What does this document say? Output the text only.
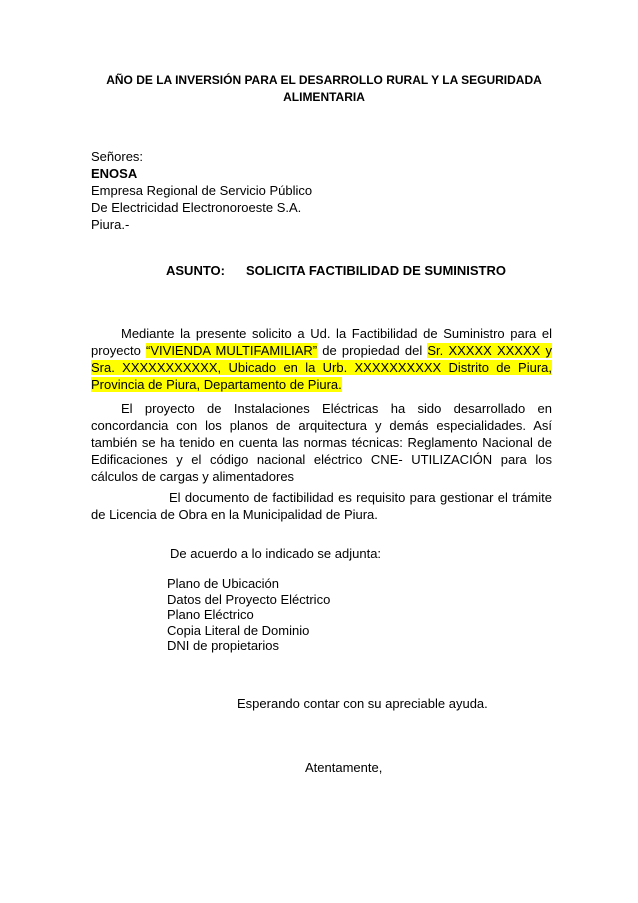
AÑO DE LA INVERSIÓN PARA EL DESARROLLO RURAL Y LA SEGURIDADA
ALIMENTARIA
Señores:
ENOSA
Empresa Regional de Servicio Público
De Electricidad Electronoroeste S.A.
Piura.-
ASUNTO: SOLICITA FACTIBILIDAD DE SUMINISTRO
Mediante la presente solicito a Ud. la Factibilidad de Suministro para el proyecto “VIVIENDA MULTIFAMILIAR” de propiedad del Sr. XXXXX XXXXX y Sra. XXXXXXXXXXX, Ubicado en la Urb. XXXXXXXXXX Distrito de Piura, Provincia de Piura, Departamento de Piura.
El proyecto de Instalaciones Eléctricas ha sido desarrollado en concordancia con los planos de arquitectura y demás especialidades. Así también se ha tenido en cuenta las normas técnicas: Reglamento Nacional de Edificaciones y el código nacional eléctrico CNE- UTILIZACIÓN para los cálculos de cargas y alimentadores
El documento de factibilidad es requisito para gestionar el trámite de Licencia de Obra en la Municipalidad de Piura.
De acuerdo a lo indicado se adjunta:
Plano de Ubicación
Datos del Proyecto Eléctrico
Plano Eléctrico
Copia Literal de Dominio
DNI de propietarios
Esperando contar con su apreciable ayuda.
Atentamente,
